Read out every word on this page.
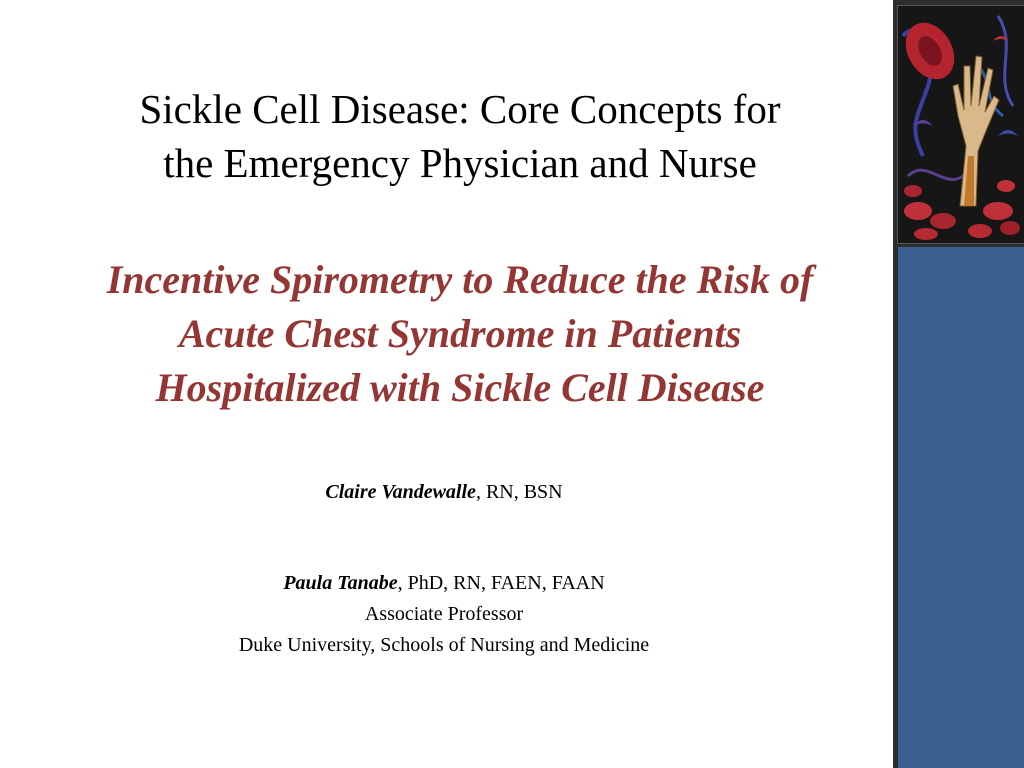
Sickle Cell Disease: Core Concepts for
the Emergency Physician and Nurse
Incentive Spirometry to Reduce the Risk of
Acute Chest Syndrome in Patients
Hospitalized with Sickle Cell Disease
Claire Vandewalle, RN, BSN
Paula Tanabe, PhD, RN, FAEN, FAAN
Associate Professor
Duke University, Schools of Nursing and Medicine
